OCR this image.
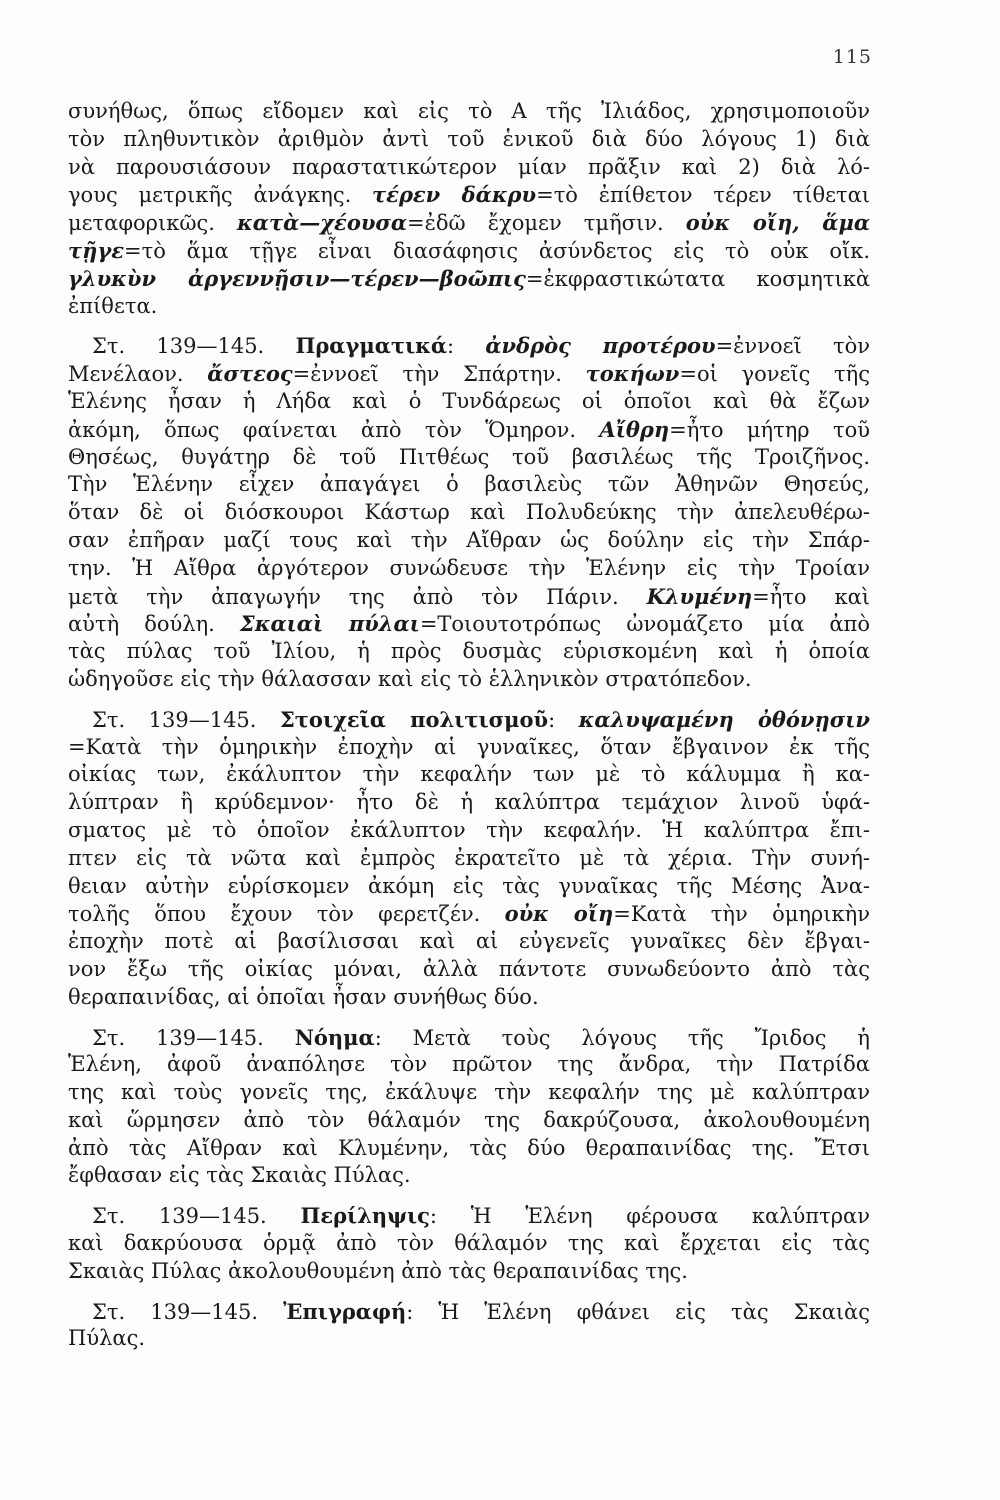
115
συνήθως, ὅπως εἴδομεν καὶ εἰς τὸ Α τῆς Ἰλιάδος, χρησιμοποιοῦν
τὸν πληθυντικὸν ἀριθμὸν ἀντὶ τοῦ ἑνικοῦ διὰ δύο λόγους 1) διὰ
νὰ παρουσιάσουν παραστατικώτερον μίαν πρᾶξιν καὶ 2) διὰ λό-
γους μετρικῆς ἀνάγκης. τέρεν δάκρυ=τὸ ἐπίθετον τέρεν τίθεται
μεταφορικῶς. κατὰ—χέουσα=ἐδῶ ἔχομεν τμῆσιν. οὐκ οἴη, ἅμα
τῇγε=τὸ ἅμα τῇγε εἶναι διασάφησις ἀσύνδετος εἰς τὸ οὐκ οἴκ.
γλυκὺν ἀργεννῇσιν—τέρεν—βοῶπις=ἐκφραστικώτατα κοσμητικὰ
ἐπίθετα.
Στ. 139—145. Πραγματικά: ἀνδρὸς προτέρου=ἐννοεῖ τὸν
Μενέλαον. ἄστεος=ἐννοεῖ τὴν Σπάρτην. τοκήων=οἱ γονεῖς τῆς
Ἑλένης ἦσαν ἡ Λήδα καὶ ὁ Τυνδάρεως οἱ ὁποῖοι καὶ θὰ ἔζων
ἀκόμη, ὅπως φαίνεται ἀπὸ τὸν Ὅμηρον. Αἴθρη=ἦτο μήτηρ τοῦ
Θησέως, θυγάτηρ δὲ τοῦ Πιτθέως τοῦ βασιλέως τῆς Τροιζῆνος.
Τὴν Ἑλένην εἶχεν ἀπαγάγει ὁ βασιλεὺς τῶν Ἀθηνῶν Θησεύς,
ὅταν δὲ οἱ διόσκουροι Κάστωρ καὶ Πολυδεύκης τὴν ἀπελευθέρω-
σαν ἐπῆραν μαζί τους καὶ τὴν Αἴθραν ὡς δούλην εἰς τὴν Σπάρ-
την. Ἡ Αἴθρα ἀργότερον συνώδευσε τὴν Ἑλένην εἰς τὴν Τροίαν
μετὰ τὴν ἀπαγωγήν της ἀπὸ τὸν Πάριν. Κλυμένη=ἦτο καὶ
αὐτὴ δούλη. Σκαιαὶ πύλαι=Τοιουτοτρόπως ὠνομάζετο μία ἀπὸ
τὰς πύλας τοῦ Ἰλίου, ἡ πρὸς δυσμὰς εὑρισκομένη καὶ ἡ ὁποία
ὡδηγοῦσε εἰς τὴν θάλασσαν καὶ εἰς τὸ ἑλληνικὸν στρατόπεδον.
Στ. 139—145. Στοιχεῖα πολιτισμοῦ: καλυψαμένη ὀθόνῃσιν
=Κατὰ τὴν ὁμηρικὴν ἐποχὴν αἱ γυναῖκες, ὅταν ἔβγαινον ἐκ τῆς
οἰκίας των, ἐκάλυπτον τὴν κεφαλήν των μὲ τὸ κάλυμμα ἢ κα-
λύπτραν ἢ κρύδεμνον· ἦτο δὲ ἡ καλύπτρα τεμάχιον λινοῦ ὑφά-
σματος μὲ τὸ ὁποῖον ἐκάλυπτον τὴν κεφαλήν. Ἡ καλύπτρα ἔπι-
πτεν εἰς τὰ νῶτα καὶ ἐμπρὸς ἐκρατεῖτο μὲ τὰ χέρια. Τὴν συνή-
θειαν αὐτὴν εὑρίσκομεν ἀκόμη εἰς τὰς γυναῖκας τῆς Μέσης Ἀνα-
τολῆς ὅπου ἔχουν τὸν φερετζέν. οὐκ οἴη=Κατὰ τὴν ὁμηρικὴν
ἐποχὴν ποτὲ αἱ βασίλισσαι καὶ αἱ εὐγενεῖς γυναῖκες δὲν ἔβγαι-
νον ἔξω τῆς οἰκίας μόναι, ἀλλὰ πάντοτε συνωδεύοντο ἀπὸ τὰς
θεραπαινίδας, αἱ ὁποῖαι ἦσαν συνήθως δύο.
Στ. 139—145. Νόημα: Μετὰ τοὺς λόγους τῆς Ἴριδος ἡ
Ἑλένη, ἀφοῦ ἀναπόλησε τὸν πρῶτον της ἄνδρα, τὴν Πατρίδα
της καὶ τοὺς γονεῖς της, ἐκάλυψε τὴν κεφαλήν της μὲ καλύπτραν
καὶ ὥρμησεν ἀπὸ τὸν θάλαμόν της δακρύζουσα, ἀκολουθουμένη
ἀπὸ τὰς Αἴθραν καὶ Κλυμένην, τὰς δύο θεραπαινίδας της. Ἔτσι
ἔφθασαν εἰς τὰς Σκαιὰς Πύλας.
Στ. 139—145. Περίληψις: Ἡ Ἑλένη φέρουσα καλύπτραν
καὶ δακρύουσα ὁρμᾷ ἀπὸ τὸν θάλαμόν της καὶ ἔρχεται εἰς τὰς
Σκαιὰς Πύλας ἀκολουθουμένη ἀπὸ τὰς θεραπαινίδας της.
Στ. 139—145. Ἐπιγραφή: Ἡ Ἑλένη φθάνει εἰς τὰς Σκαιὰς
Πύλας.
